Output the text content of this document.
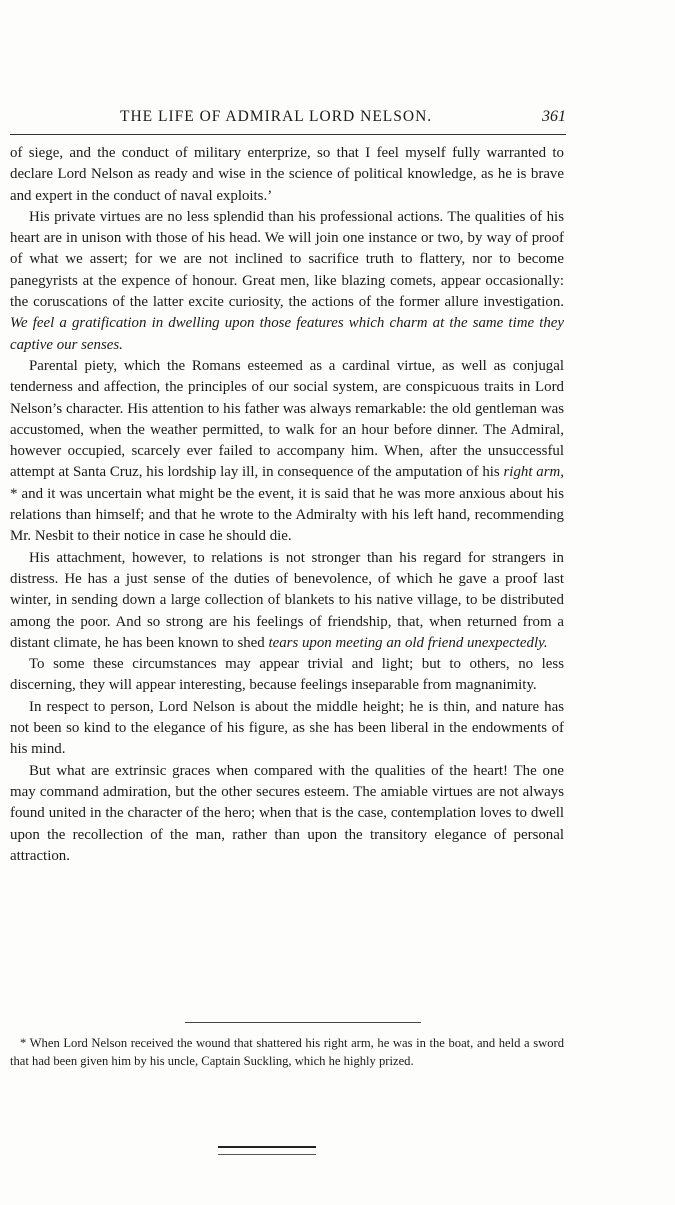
THE LIFE OF ADMIRAL LORD NELSON.	361

of siege, and the conduct of military enterprize, so that I feel myself fully warranted to declare Lord Nelson as ready and wise in the science of political knowledge, as he is brave and expert in the conduct of naval exploits.’

His private virtues are no less splendid than his professional actions. The qualities of his heart are in unison with those of his head. We will join one instance or two, by way of proof of what we assert; for we are not inclined to sacrifice truth to flattery, nor to become panegyrists at the expence of honour. Great men, like blazing comets, appear occasionally: the coruscations of the latter excite curiosity, the actions of the former allure investigation. We feel a gratification in dwelling upon those features which charm at the same time they captive our senses.

Parental piety, which the Romans esteemed as a cardinal virtue, as well as conjugal tenderness and affection, the principles of our social system, are conspicuous traits in Lord Nelson’s character. His attention to his father was always remarkable: the old gentleman was accustomed, when the weather permitted, to walk for an hour before dinner. The Admiral, however occupied, scarcely ever failed to accompany him. When, after the unsuccessful attempt at Santa Cruz, his lordship lay ill, in consequence of the amputation of his right arm, * and it was uncertain what might be the event, it is said that he was more anxious about his relations than himself; and that he wrote to the Admiralty with his left hand, recommending Mr. Nesbit to their notice in case he should die.

His attachment, however, to relations is not stronger than his regard for strangers in distress. He has a just sense of the duties of benevolence, of which he gave a proof last winter, in sending down a large collection of blankets to his native village, to be distributed among the poor. And so strong are his feelings of friendship, that, when returned from a distant climate, he has been known to shed tears upon meeting an old friend unexpectedly.

To some these circumstances may appear trivial and light; but to others, no less discerning, they will appear interesting, because feelings inseparable from magnanimity.

In respect to person, Lord Nelson is about the middle height; he is thin, and nature has not been so kind to the elegance of his figure, as she has been liberal in the endowments of his mind.

But what are extrinsic graces when compared with the qualities of the heart! The one may command admiration, but the other secures esteem. The amiable virtues are not always found united in the character of the hero; when that is the case, contemplation loves to dwell upon the recollection of the man, rather than upon the transitory elegance of personal attraction.

* When Lord Nelson received the wound that shattered his right arm, he was in the boat, and held a sword that had been given him by his uncle, Captain Suckling, which he highly prized.
